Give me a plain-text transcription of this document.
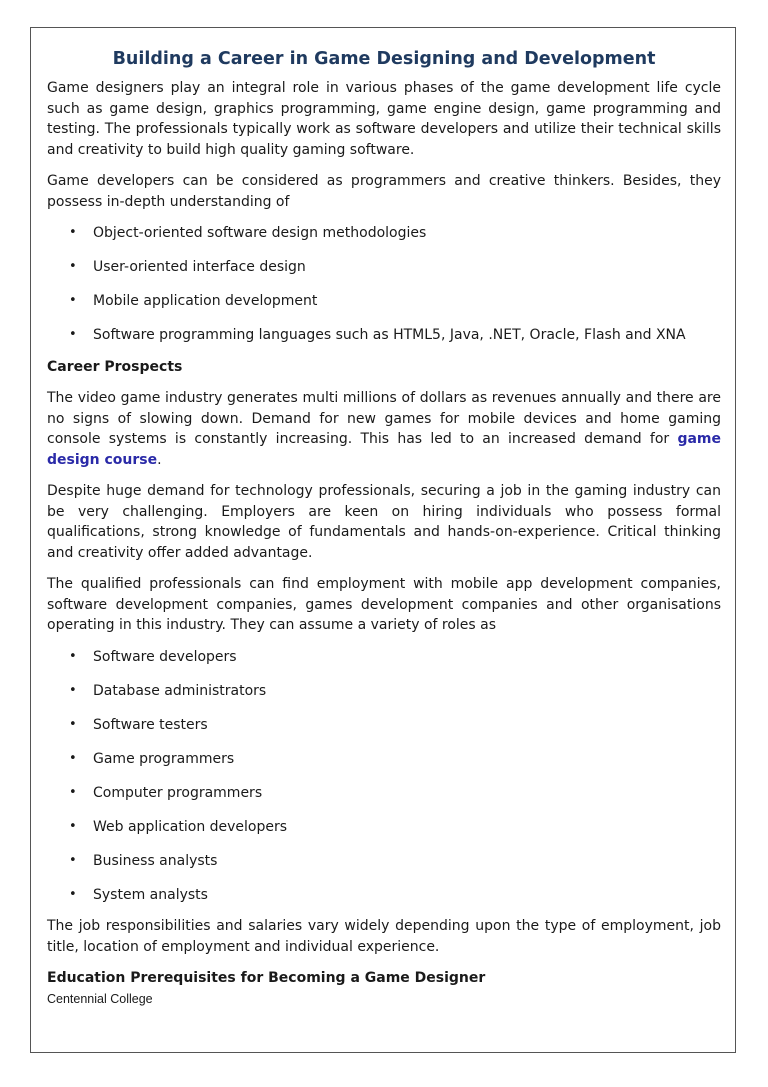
Building a Career in Game Designing and Development

Game designers play an integral role in various phases of the game development life cycle such as game design, graphics programming, game engine design, game programming and testing. The professionals typically work as software developers and utilize their technical skills and creativity to build high quality gaming software.

Game developers can be considered as programmers and creative thinkers. Besides, they possess in-depth understanding of

• Object-oriented software design methodologies
• User-oriented interface design
• Mobile application development
• Software programming languages such as HTML5, Java, .NET, Oracle, Flash and XNA
Career Prospects

The video game industry generates multi millions of dollars as revenues annually and there are no signs of slowing down. Demand for new games for mobile devices and home gaming console systems is constantly increasing. This has led to an increased demand for game design course.

Despite huge demand for technology professionals, securing a job in the gaming industry can be very challenging. Employers are keen on hiring individuals who possess formal qualifications, strong knowledge of fundamentals and hands-on-experience. Critical thinking and creativity offer added advantage.

The qualified professionals can find employment with mobile app development companies, software development companies, games development companies and other organisations operating in this industry. They can assume a variety of roles as

• Software developers
• Database administrators
• Software testers
• Game programmers
• Computer programmers
• Web application developers
• Business analysts
• System analysts

The job responsibilities and salaries vary widely depending upon the type of employment, job title, location of employment and individual experience.

Education Prerequisites for Becoming a Game Designer
Centennial College
